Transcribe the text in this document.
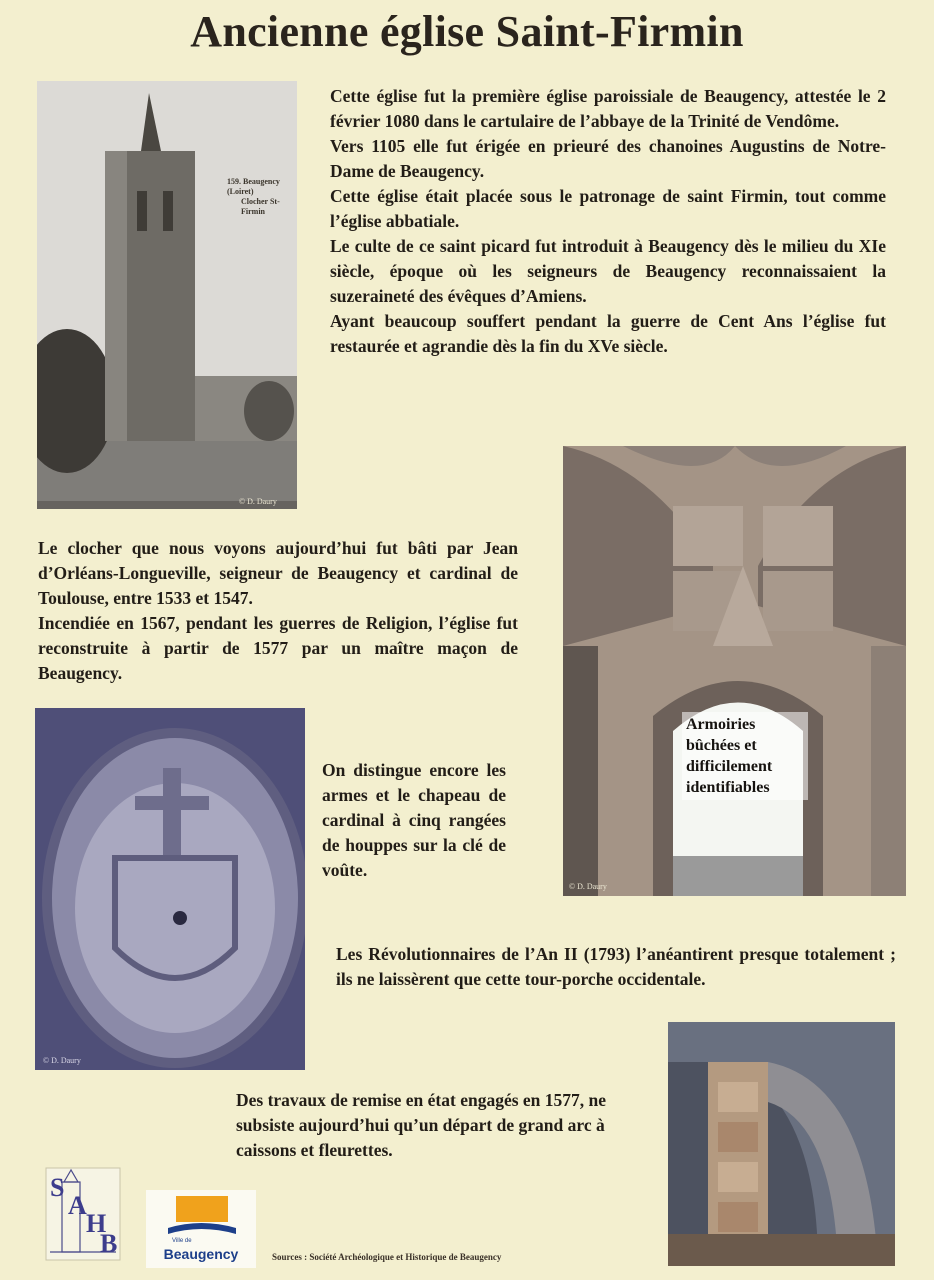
Ancienne église Saint-Firmin
159. Beaugency (Loiret)
Clocher St-Firmin
© D. Daury

Cette église fut la première église paroissiale de Beaugency, attestée le 2 février 1080 dans le cartulaire de l’abbaye de la Trinité de Vendôme.

Vers 1105 elle fut érigée en prieuré des chanoines Augustins de Notre-Dame de Beaugency.

Cette église était placée sous le patronage de saint Firmin, tout comme l’église abbatiale.

Le culte de ce saint picard fut introduit à Beaugency dès le milieu du XIe siècle, époque où les seigneurs de Beaugency reconnaissaient la suzeraineté des évêques d’Amiens.

Ayant beaucoup souffert pendant la guerre de Cent Ans l’église fut restaurée et agrandie dès la fin du XVe siècle.

© D. Daury
Armoiries bûchées et difficilement identifiables

Le clocher que nous voyons aujourd’hui fut bâti par Jean d’Orléans-Longueville, seigneur de Beaugency et cardinal de Toulouse, entre 1533 et 1547.

Incendiée en 1567, pendant les guerres de Religion, l’église fut reconstruite à partir de 1577 par un maître maçon de Beaugency.

© D. Daury
On distingue encore les armes et le chapeau de cardinal à cinq rangées de houppes sur la clé de voûte.
Les Révolutionnaires de l’An II (1793) l’anéantirent presque totalement ; ils ne laissèrent que cette tour-porche occidentale.
Des travaux de remise en état engagés en 1577, ne subsiste aujourd’hui qu’un départ de grand arc à caissons et fleurettes.
S
A
H
B	Ville de
Beaugency	Sources : Société Archéologique et Historique de Beaugency
